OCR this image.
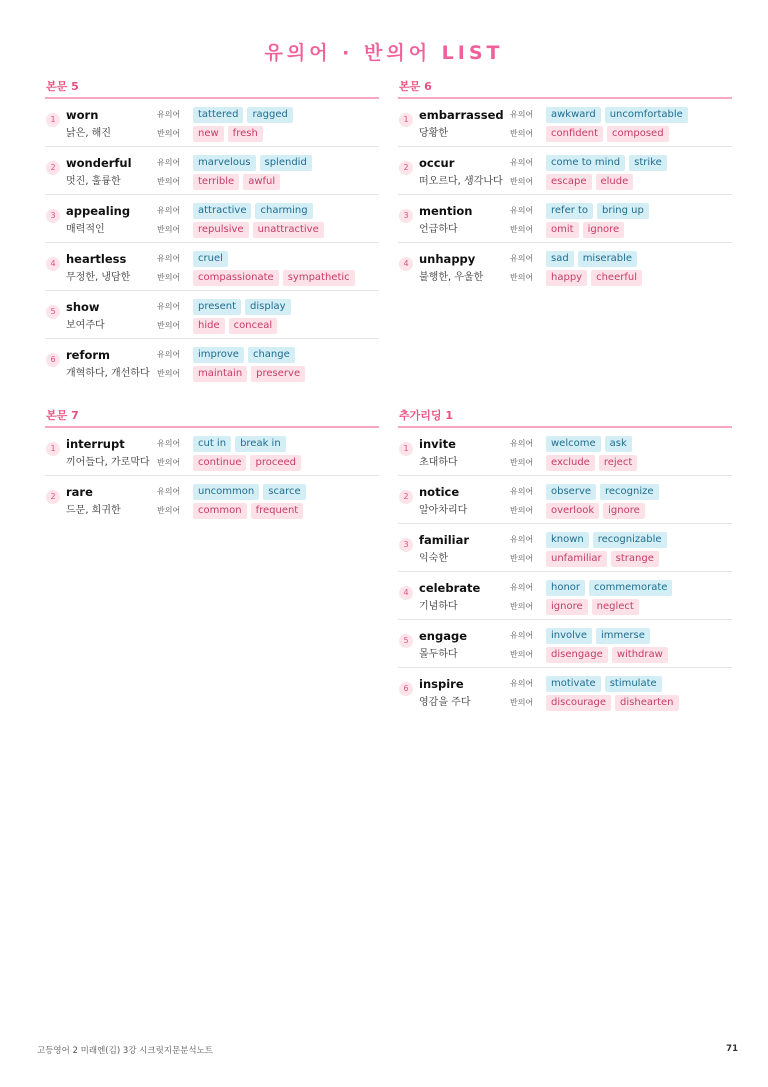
유의어 · 반의어 LIST
본문 5
1 worn
낡은, 해진
유의어	tattered	ragged
반의어	new	fresh
2 wonderful
멋진, 훌륭한
유의어	marvelous	splendid
반의어	terrible	awful
3 appealing
매력적인
유의어	attractive	charming
반의어	repulsive	unattractive
4 heartless
무정한, 냉담한
유의어	cruel
반의어	compassionate	sympathetic
5 show
보여주다
유의어	present	display
반의어	hide	conceal
6 reform
개혁하다, 개선하다
유의어	improve	change
반의어	maintain	preserve
본문 6
1 embarrassed
당황한
유의어	awkward	uncomfortable
반의어	confident	composed
2 occur
떠오르다, 생각나다
유의어	come to mind	strike
반의어	escape	elude
3 mention
언급하다
유의어	refer to	bring up
반의어	omit	ignore
4 unhappy
불행한, 우울한
유의어	sad	miserable
반의어	happy	cheerful
본문 7
1 interrupt
끼어들다, 가로막다
유의어	cut in	break in
반의어	continue	proceed
2 rare
드문, 희귀한
유의어	uncommon	scarce
반의어	common	frequent
추가리딩 1
1 invite
초대하다
유의어	welcome	ask
반의어	exclude	reject
2 notice
알아차리다
유의어	observe	recognize
반의어	overlook	ignore
3 familiar
익숙한
유의어	known	recognizable
반의어	unfamiliar	strange
4 celebrate
기념하다
유의어	honor	commemorate
반의어	ignore	neglect
5 engage
몰두하다
유의어	involve	immerse
반의어	disengage	withdraw
6 inspire
영감을 주다
유의어	motivate	stimulate
반의어	discourage	dishearten
고등영어 2 미래엔(김) 3강 시크릿지문분석노트	71
